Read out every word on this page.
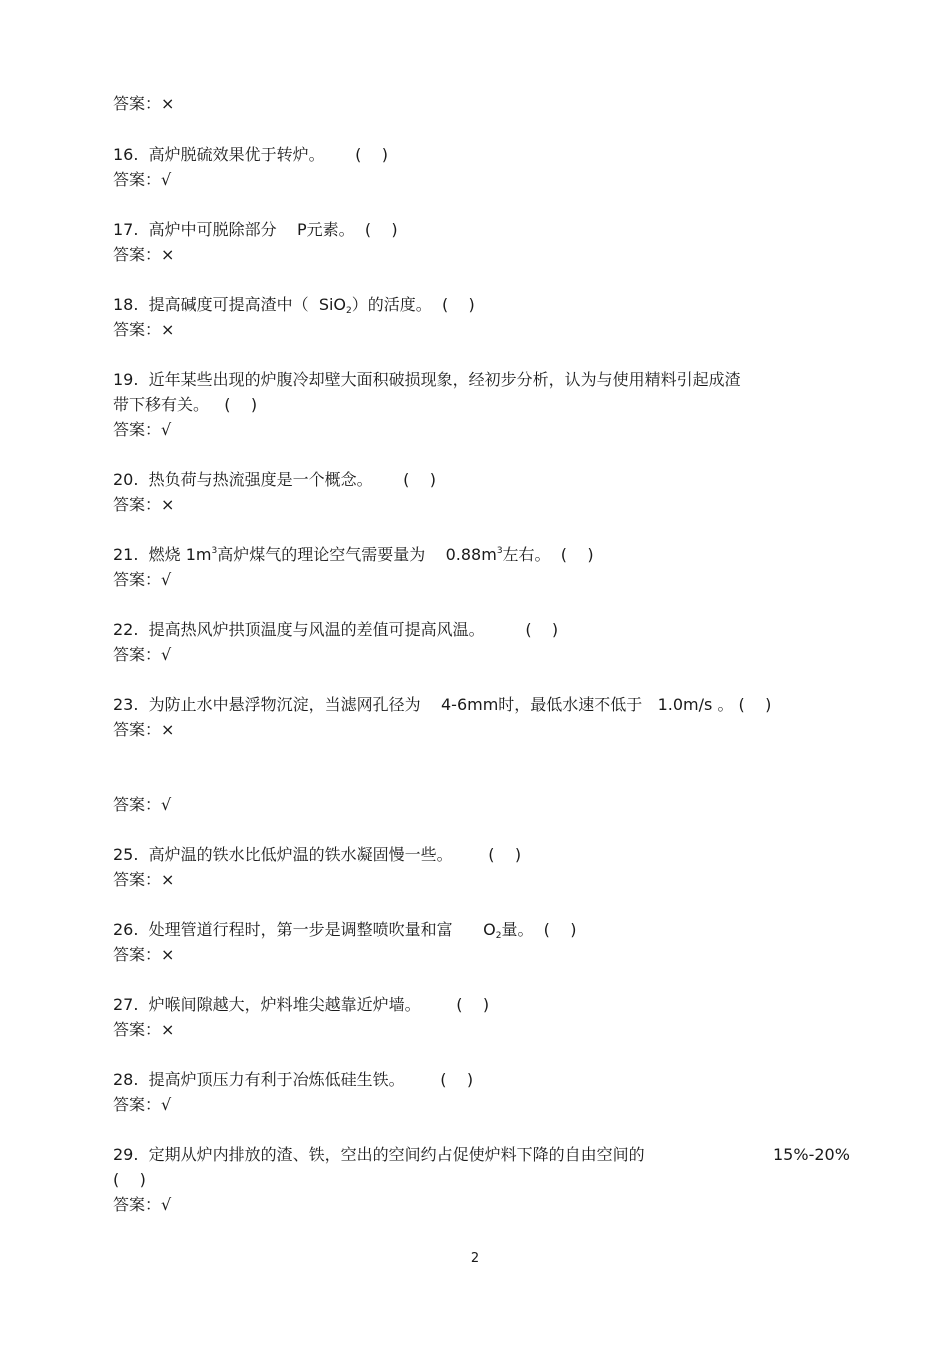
答案：×
16. 高炉脱硫效果优于转炉。 (    )
答案：√
17. 高炉中可脱除部分 P元素。 (    )
答案：×
18. 提高碱度可提高渣中（ SiO$_2$）的活度。 (    )
答案：×
19. 近年某些出现的炉腹冷却壁大面积破损现象，经初步分析，认为与使用精料引起成渣
带下移有关。 (    )
答案：√
20. 热负荷与热流强度是一个概念。 (    )
答案：×
21. 燃烧 $1m^3$高炉煤气的理论空气需要量为 $0.88m^3$左右。 (    )
答案：√
22. 提高热风炉拱顶温度与风温的差值可提高风温。	(    )
答案：√
23. 为防止水中悬浮物沉淀，当滤网孔径为 4-6mm时，最低水速不低于 1.0m/s 。 (    )
答案：×
答案：√
25. 高炉温的铁水比低炉温的铁水凝固慢一些。 (    )
答案：×
26. 处理管道行程时，第一步是调整喷吹量和富 $O_2$量。 (    )
答案：×
27. 炉喉间隙越大，炉料堆尖越靠近炉墙。 (    )
答案：×
28. 提高炉顶压力有利于冶炼低硅生铁。 (    )
答案：√
29. 定期从炉内排放的渣、铁，空出的空间约占促使炉料下降的自由空间的	15%-20%
(    )
答案：√
2
